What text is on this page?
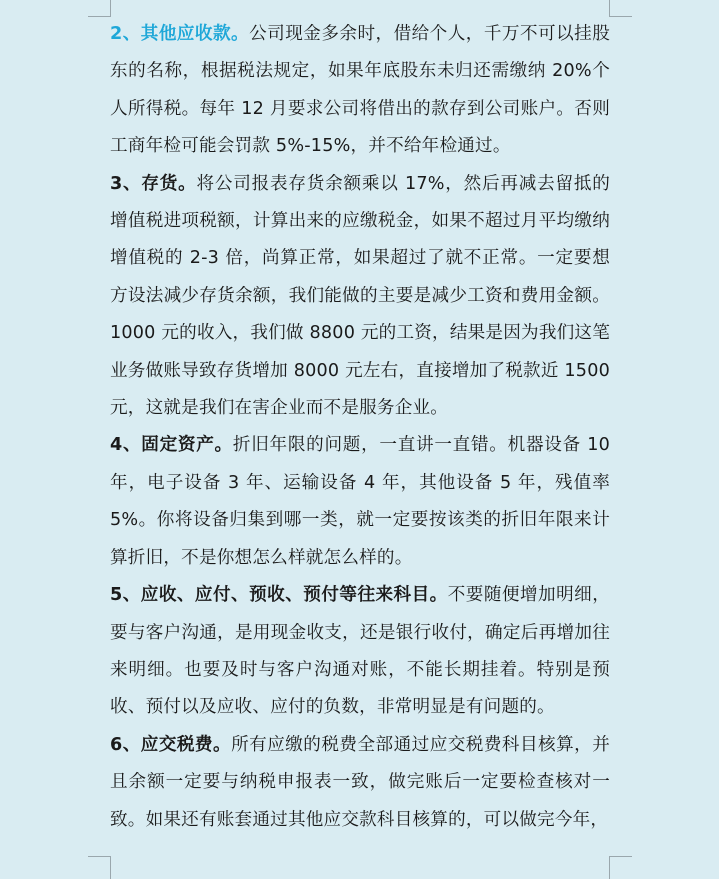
2、其他应收款。公司现金多余时，借给个人，千万不可以挂股东的名称，根据税法规定，如果年底股东未归还需缴纳 20%个人所得税。每年 12 月要求公司将借出的款存到公司账户。否则工商年检可能会罚款 5%-15%，并不给年检通过。

3、存货。将公司报表存货余额乘以 17%，然后再减去留抵的增值税进项税额，计算出来的应缴税金，如果不超过月平均缴纳增值税的 2-3 倍，尚算正常，如果超过了就不正常。一定要想方设法减少存货余额，我们能做的主要是减少工资和费用金额。1000 元的收入，我们做 8800 元的工资，结果是因为我们这笔业务做账导致存货增加 8000 元左右，直接增加了税款近 1500 元，这就是我们在害企业而不是服务企业。

4、固定资产。折旧年限的问题，一直讲一直错。机器设备 10 年，电子设备 3 年、运输设备 4 年，其他设备 5 年，残值率 5%。你将设备归集到哪一类，就一定要按该类的折旧年限来计算折旧，不是你想怎么样就怎么样的。

5、应收、应付、预收、预付等往来科目。不要随便增加明细，要与客户沟通，是用现金收支，还是银行收付，确定后再增加往来明细。也要及时与客户沟通对账，不能长期挂着。特别是预收、预付以及应收、应付的负数，非常明显是有问题的。

6、应交税费。所有应缴的税费全部通过应交税费科目核算，并且余额一定要与纳税申报表一致，做完账后一定要检查核对一致。如果还有账套通过其他应交款科目核算的，可以做完今年，
